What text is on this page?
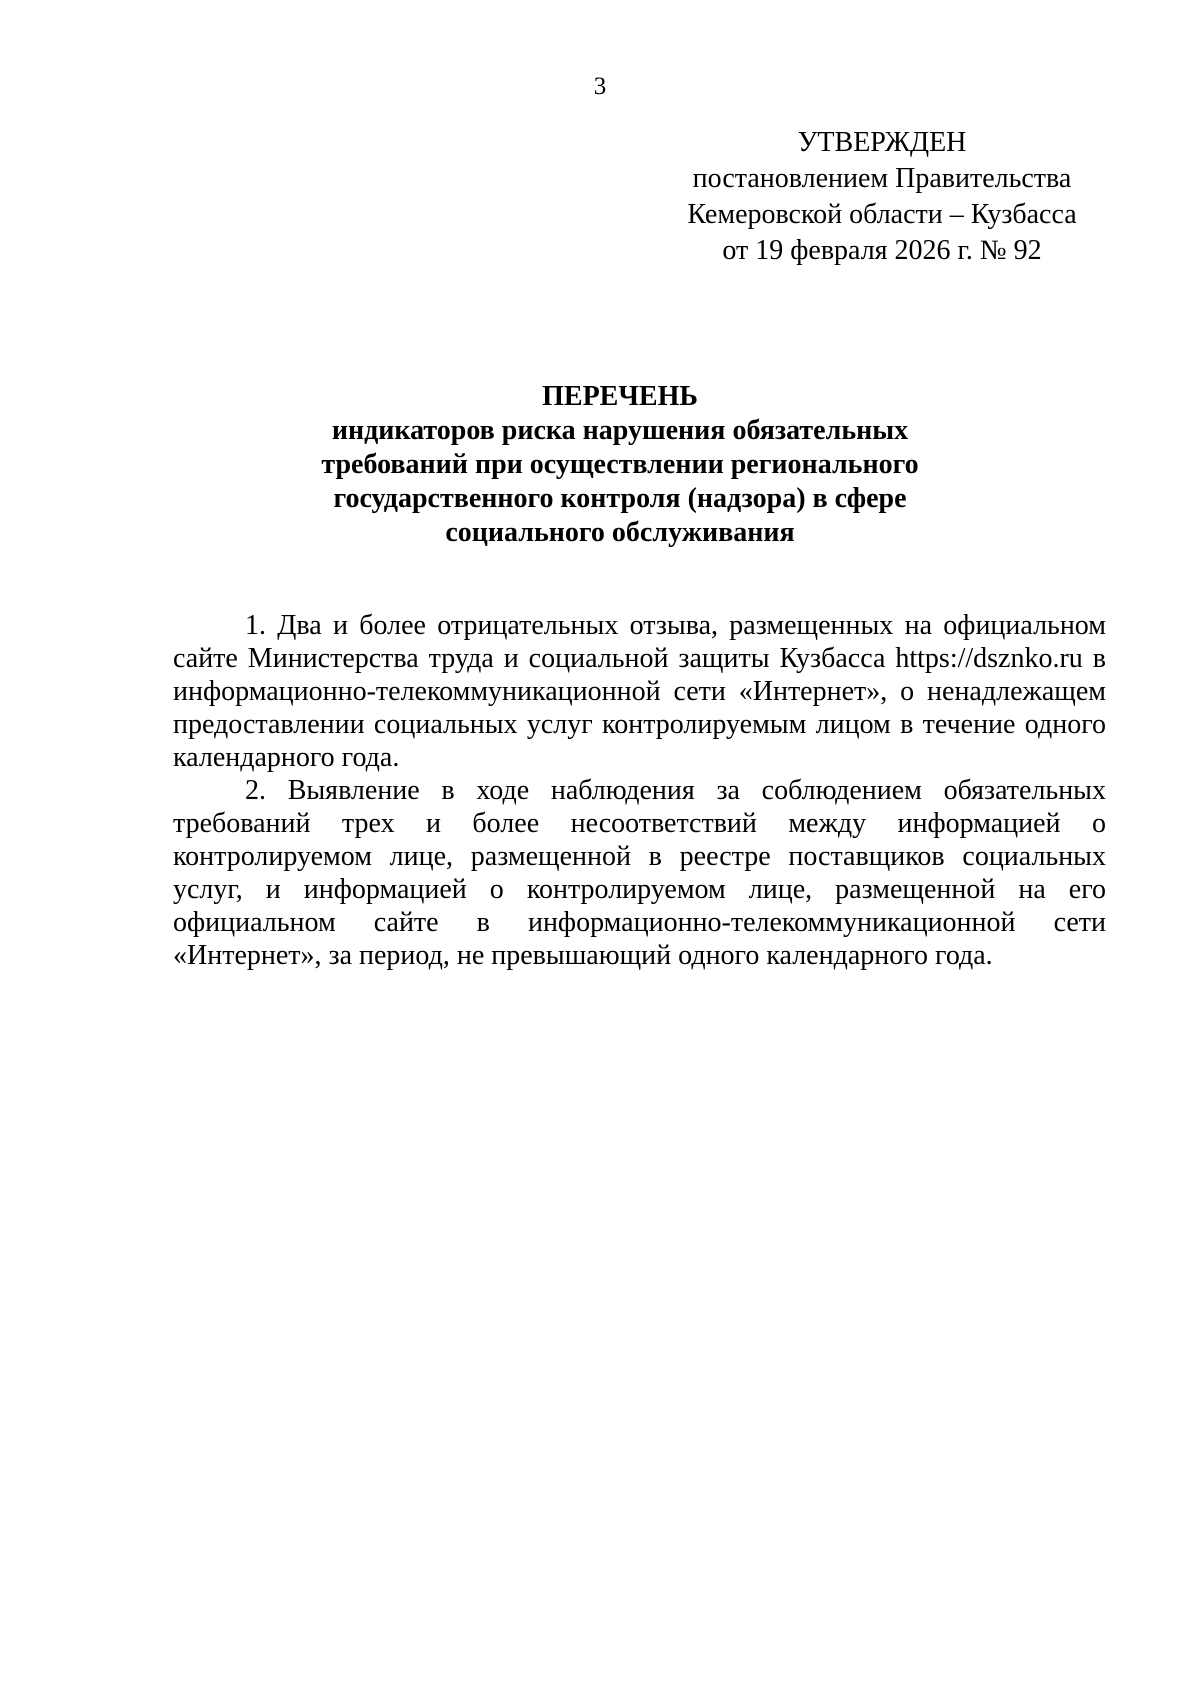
3
УТВЕРЖДЕН
постановлением Правительства
Кемеровской области – Кузбасса
от 19 февраля 2026 г. № 92
ПЕРЕЧЕНЬ
индикаторов риска нарушения обязательных
требований при осуществлении регионального
государственного контроля (надзора) в сфере
социального обслуживания

1. Два и более отрицательных отзыва, размещенных на официальном сайте Министерства труда и социальной защиты Кузбасса https://dsznko.ru в информационно-телекоммуникационной сети «Интернет», о ненадлежащем предоставлении социальных услуг контролируемым лицом в течение одного календарного года.

2. Выявление в ходе наблюдения за соблюдением обязательных требований трех и более несоответствий между информацией о контролируемом лице, размещенной в реестре поставщиков социальных услуг, и информацией о контролируемом лице, размещенной на его официальном сайте в информационно-телекоммуникационной сети «Интернет», за период, не превышающий одного календарного года.
